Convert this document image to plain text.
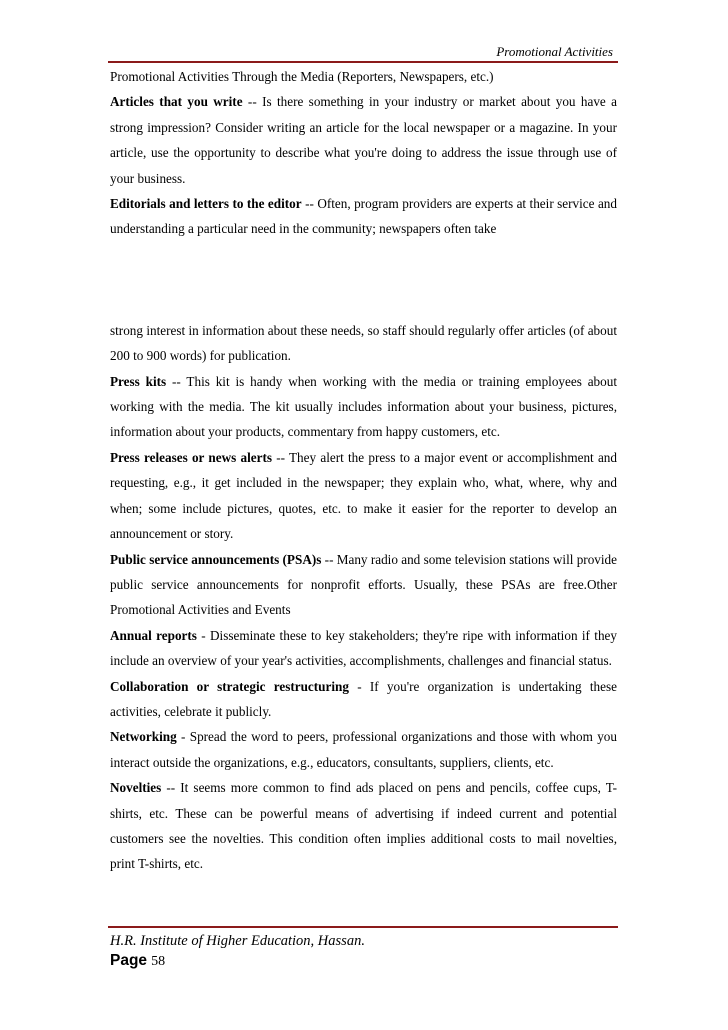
Promotional Activities

Promotional Activities Through the Media (Reporters, Newspapers, etc.)

Articles that you write -- Is there something in your industry or market about you have a strong impression? Consider writing an article for the local newspaper or a magazine. In your article, use the opportunity to describe what you're doing to address the issue through use of your business.

Editorials and letters to the editor -- Often, program providers are experts at their service and understanding a particular need in the community; newspapers often take

strong interest in information about these needs, so staff should regularly offer articles (of about 200 to 900 words) for publication.

Press kits -- This kit is handy when working with the media or training employees about working with the media. The kit usually includes information about your business, pictures, information about your products, commentary from happy customers, etc.

Press releases or news alerts -- They alert the press to a major event or accomplishment and requesting, e.g., it get included in the newspaper; they explain who, what, where, why and when; some include pictures, quotes, etc. to make it easier for the reporter to develop an announcement or story.

Public service announcements (PSA)s -- Many radio and some television stations will provide public service announcements for nonprofit efforts. Usually, these PSAs are free.Other Promotional Activities and Events

Annual reports - Disseminate these to key stakeholders; they're ripe with information if they include an overview of your year's activities, accomplishments, challenges and financial status.

Collaboration or strategic restructuring - If you're organization is undertaking these activities, celebrate it publicly.

Networking - Spread the word to peers, professional organizations and those with whom you interact outside the organizations, e.g., educators, consultants, suppliers, clients, etc.

Novelties -- It seems more common to find ads placed on pens and pencils, coffee cups, T-shirts, etc. These can be powerful means of advertising if indeed current and potential customers see the novelties. This condition often implies additional costs to mail novelties, print T-shirts, etc.

H.R. Institute of Higher Education, Hassan.
Page 58
